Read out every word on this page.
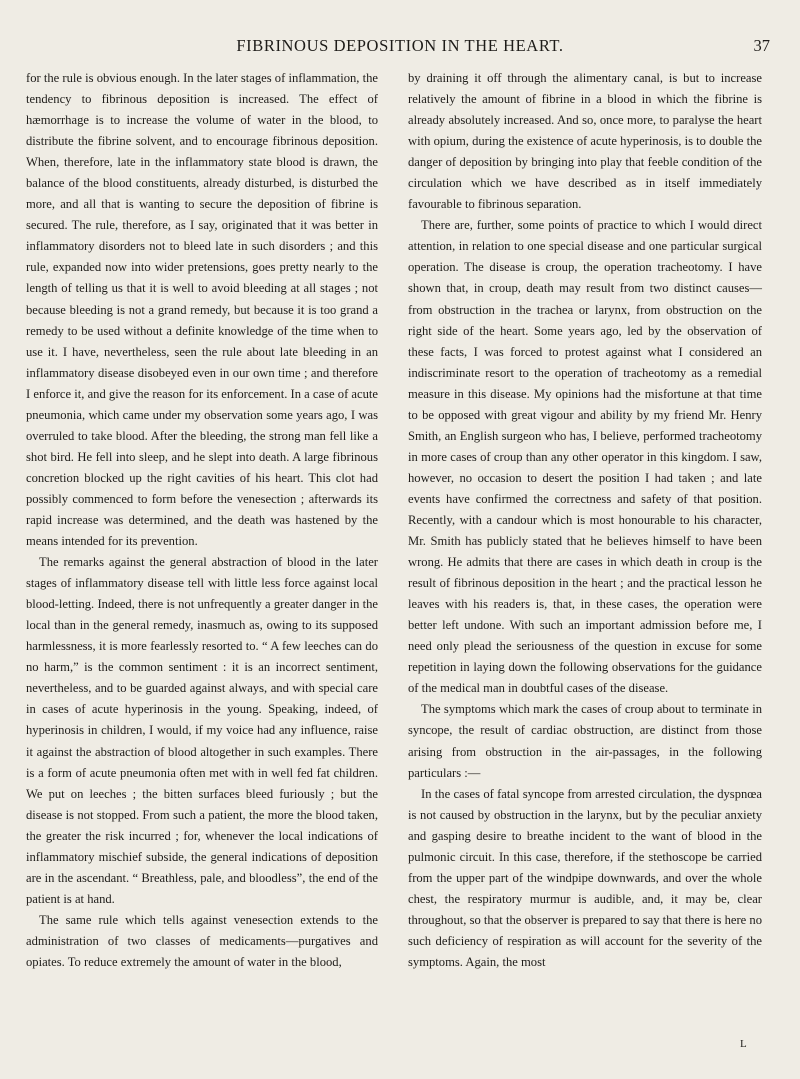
FIBRINOUS DEPOSITION IN THE HEART.	37

for the rule is obvious enough. In the later stages of inflammation, the tendency to fibrinous deposition is increased. The effect of hæmorrhage is to increase the volume of water in the blood, to distribute the fibrine solvent, and to encourage fibrinous deposition. When, therefore, late in the inflammatory state blood is drawn, the balance of the blood constituents, already disturbed, is disturbed the more, and all that is wanting to secure the deposition of fibrine is secured. The rule, therefore, as I say, originated that it was better in inflammatory disorders not to bleed late in such disorders ; and this rule, expanded now into wider pretensions, goes pretty nearly to the length of telling us that it is well to avoid bleeding at all stages ; not because bleeding is not a grand remedy, but because it is too grand a remedy to be used without a definite knowledge of the time when to use it. I have, nevertheless, seen the rule about late bleeding in an inflammatory disease disobeyed even in our own time ; and therefore I enforce it, and give the reason for its enforcement. In a case of acute pneumonia, which came under my observation some years ago, I was overruled to take blood. After the bleeding, the strong man fell like a shot bird. He fell into sleep, and he slept into death. A large fibrinous concretion blocked up the right cavities of his heart. This clot had possibly commenced to form before the venesection ; afterwards its rapid increase was determined, and the death was hastened by the means intended for its prevention.

The remarks against the general abstraction of blood in the later stages of inflammatory disease tell with little less force against local blood-letting. Indeed, there is not unfrequently a greater danger in the local than in the general remedy, inasmuch as, owing to its supposed harmlessness, it is more fearlessly resorted to. “ A few leeches can do no harm,” is the common sentiment : it is an incorrect sentiment, nevertheless, and to be guarded against always, and with special care in cases of acute hyperinosis in the young. Speaking, indeed, of hyperinosis in children, I would, if my voice had any influence, raise it against the abstraction of blood altogether in such examples. There is a form of acute pneumonia often met with in well fed fat children. We put on leeches ; the bitten surfaces bleed furiously ; but the disease is not stopped. From such a patient, the more the blood taken, the greater the risk incurred ; for, whenever the local indications of inflammatory mischief subside, the general indications of deposition are in the ascendant. “ Breathless, pale, and bloodless”, the end of the patient is at hand.

The same rule which tells against venesection extends to the administration of two classes of medicaments—purgatives and opiates. To reduce extremely the amount of water in the blood,

by draining it off through the alimentary canal, is but to increase relatively the amount of fibrine in a blood in which the fibrine is already absolutely increased. And so, once more, to paralyse the heart with opium, during the existence of acute hyperinosis, is to double the danger of deposition by bringing into play that feeble condition of the circulation which we have described as in itself immediately favourable to fibrinous separation.

There are, further, some points of practice to which I would direct attention, in relation to one special disease and one particular surgical operation. The disease is croup, the operation tracheotomy. I have shown that, in croup, death may result from two distinct causes—from obstruction in the trachea or larynx, from obstruction on the right side of the heart. Some years ago, led by the observation of these facts, I was forced to protest against what I considered an indiscriminate resort to the operation of tracheotomy as a remedial measure in this disease. My opinions had the misfortune at that time to be opposed with great vigour and ability by my friend Mr. Henry Smith, an English surgeon who has, I believe, performed tracheotomy in more cases of croup than any other operator in this kingdom. I saw, however, no occasion to desert the position I had taken ; and late events have confirmed the correctness and safety of that position. Recently, with a candour which is most honourable to his character, Mr. Smith has publicly stated that he believes himself to have been wrong. He admits that there are cases in which death in croup is the result of fibrinous deposition in the heart ; and the practical lesson he leaves with his readers is, that, in these cases, the operation were better left undone. With such an important admission before me, I need only plead the seriousness of the question in excuse for some repetition in laying down the following observations for the guidance of the medical man in doubtful cases of the disease.

The symptoms which mark the cases of croup about to terminate in syncope, the result of cardiac obstruction, are distinct from those arising from obstruction in the air-passages, in the following particulars :—

In the cases of fatal syncope from arrested circulation, the dyspnœa is not caused by obstruction in the larynx, but by the peculiar anxiety and gasping desire to breathe incident to the want of blood in the pulmonic circuit. In this case, therefore, if the stethoscope be carried from the upper part of the windpipe downwards, and over the whole chest, the respiratory murmur is audible, and, it may be, clear throughout, so that the observer is prepared to say that there is here no such deficiency of respiration as will account for the severity of the symptoms. Again, the most

L
